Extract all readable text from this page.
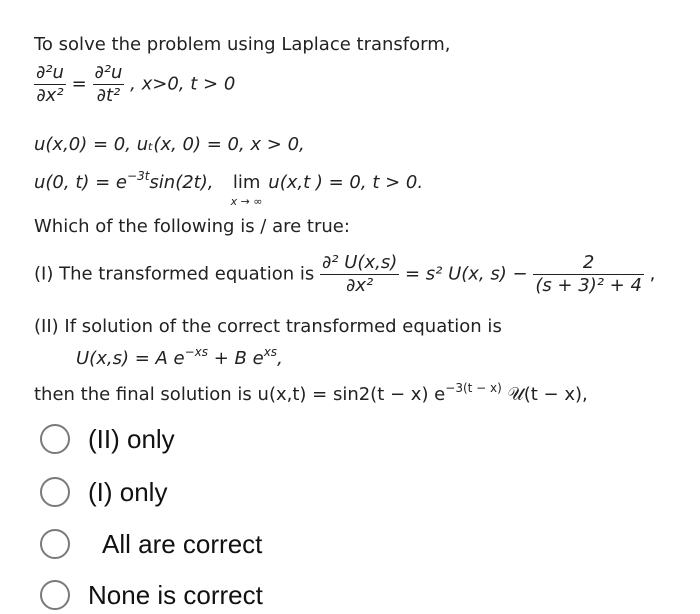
To solve the problem using Laplace transform,
$\frac{\text{∂²u}}{\text{∂x²}} = \frac{\text{∂²u}}{\text{∂t²}}$ , x>0, t > 0
u(x,0) = 0, uₜ(x, 0) = 0, x > 0,
u(0, $t) = e^{-3t}\sin(2t)$, lim
x → ∞
u(x,t ) = 0, t > 0.
Which of the following is / are true:
(I) The transformed equation is $\frac{\text{∂² U(x,s)}}{\text{∂x²}} = s^2$ U(x, $s) - \frac{2}{\text{(s + 3)² + 4}}$ ,
(II) If solution of the correct transformed equation is
U(x,s) = A $e^{-xs} + B$ $e^{xs}$,
then the final solution is u(x,t) = sin2(t − x) $e^{-3(t - x)}$ 𝒰(t − x),
(II) only
(I) only
All are correct
None is correct
